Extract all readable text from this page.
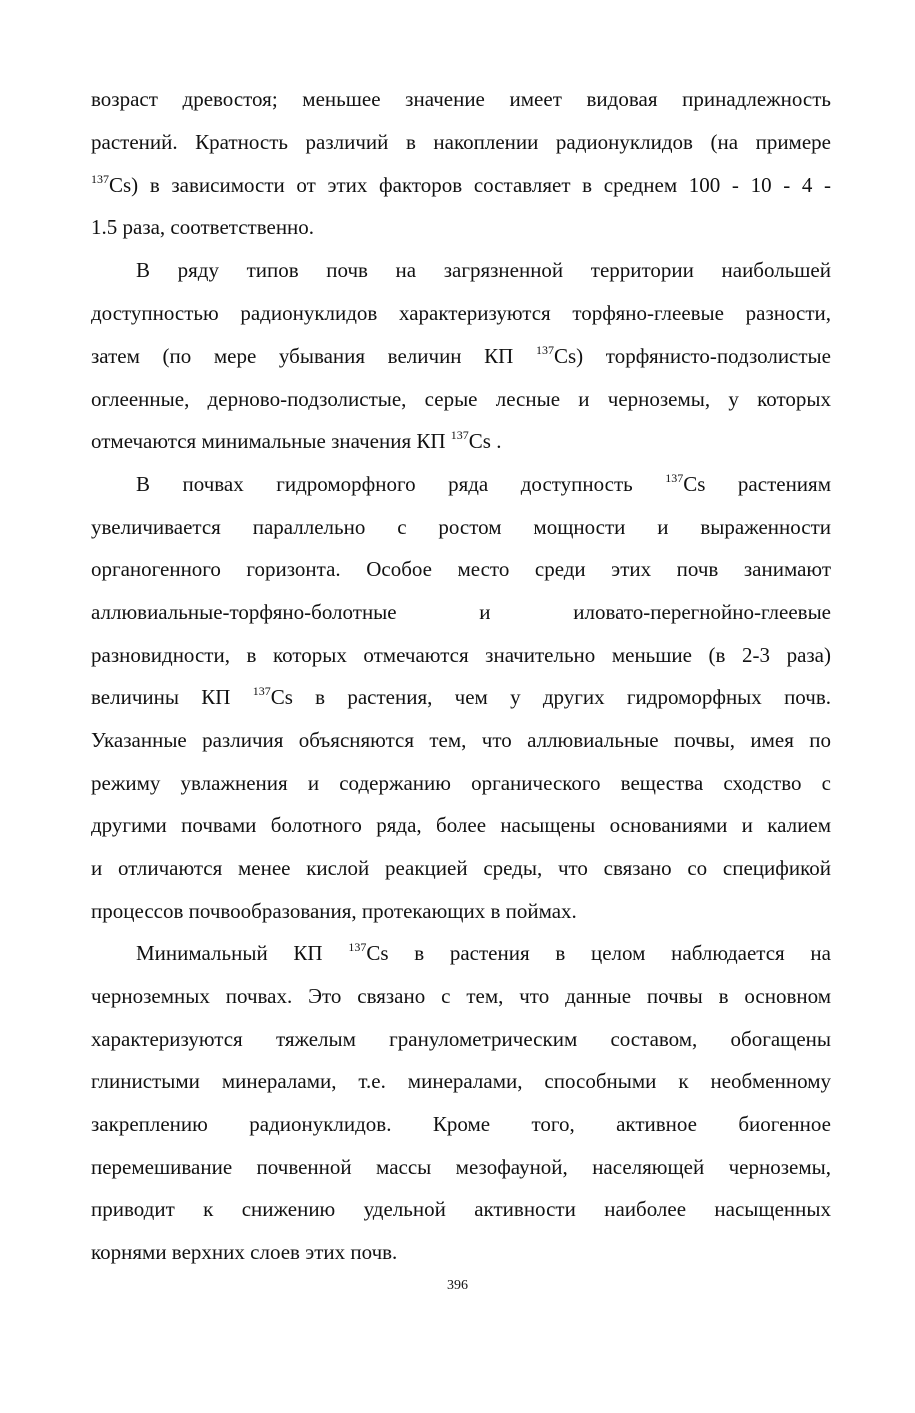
возраст древостоя; меньшее значение имеет видовая принадлежность
растений. Кратность различий в накоплении радионуклидов (на примере
$^{137}$Cs) в зависимости от этих факторов составляет в среднем 100 - 10 - 4 -
1.5 раза, соответственно.
В ряду типов почв на загрязненной территории наибольшей
доступностью радионуклидов характеризуются торфяно-глеевые разности,
затем (по мере убывания величин КП $^{137}$Cs) торфянисто-подзолистые
оглеенные, дерново-подзолистые, серые лесные и черноземы, у которых
отмечаются минимальные значения КП $^{137}$Cs .
В почвах гидроморфного ряда доступность $^{137}$Cs растениям
увеличивается параллельно с ростом мощности и выраженности
органогенного горизонта. Особое место среди этих почв занимают
аллювиальные-торфяно-болотные и иловато-перегнойно-глеевые
разновидности, в которых отмечаются значительно меньшие (в 2-3 раза)
величины КП $^{137}$Cs в растения, чем у других гидроморфных почв.
Указанные различия объясняются тем, что аллювиальные почвы, имея по
режиму увлажнения и содержанию органического вещества сходство с
другими почвами болотного ряда, более насыщены основаниями и калием
и отличаются менее кислой реакцией среды, что связано со спецификой
процессов почвообразования, протекающих в поймах.
Минимальный КП $^{137}$Cs в растения в целом наблюдается на
черноземных почвах. Это связано с тем, что данные почвы в основном
характеризуются тяжелым гранулометрическим составом, обогащены
глинистыми минералами, т.е. минералами, способными к необменному
закреплению радионуклидов. Кроме того, активное биогенное
перемешивание почвенной массы мезофауной, населяющей черноземы,
приводит к снижению удельной активности наиболее насыщенных
корнями верхних слоев этих почв.
396
